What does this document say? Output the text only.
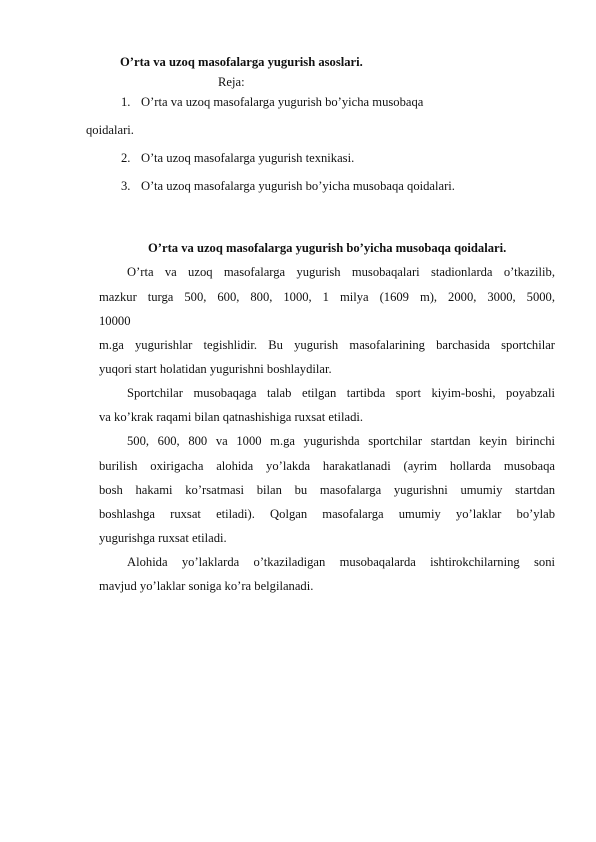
O’rta va uzoq masofalarga yugurish asoslari.
Reja:
1. O’rta va uzoq masofalarga yugurish bo’yicha musobaqa
qoidalari.
2. O’ta uzoq masofalarga yugurish texnikasi.
3. O’ta uzoq masofalarga yugurish bo’yicha musobaqa qoidalari.
O’rta va uzoq masofalarga yugurish bo’yicha musobaqa qoidalari.
O’rta va uzoq masofalarga yugurish musobaqalari stadionlarda o’tkazilib,
mazkur turga 500, 600, 800, 1000, 1 milya (1609 m), 2000, 3000, 5000,
10000
m.ga yugurishlar tegishlidir. Bu yugurish masofalarining barchasida sportchilar
yuqori start holatidan yugurishni boshlaydilar.
Sportchilar musobaqaga talab etilgan tartibda sport kiyim-boshi, poyabzali
va ko’krak raqami bilan qatnashishiga ruxsat etiladi.
500, 600, 800 va 1000 m.ga yugurishda sportchilar startdan keyin birinchi
burilish oxirigacha alohida yo’lakda harakatlanadi (ayrim hollarda musobaqa
bosh hakami ko’rsatmasi bilan bu masofalarga yugurishni umumiy startdan
boshlashga ruxsat etiladi). Qolgan masofalarga umumiy yo’laklar bo’ylab
yugurishga ruxsat etiladi.
Alohida yo’laklarda o’tkaziladigan musobaqalarda ishtirokchilarning soni
mavjud yo’laklar soniga ko’ra belgilanadi.
